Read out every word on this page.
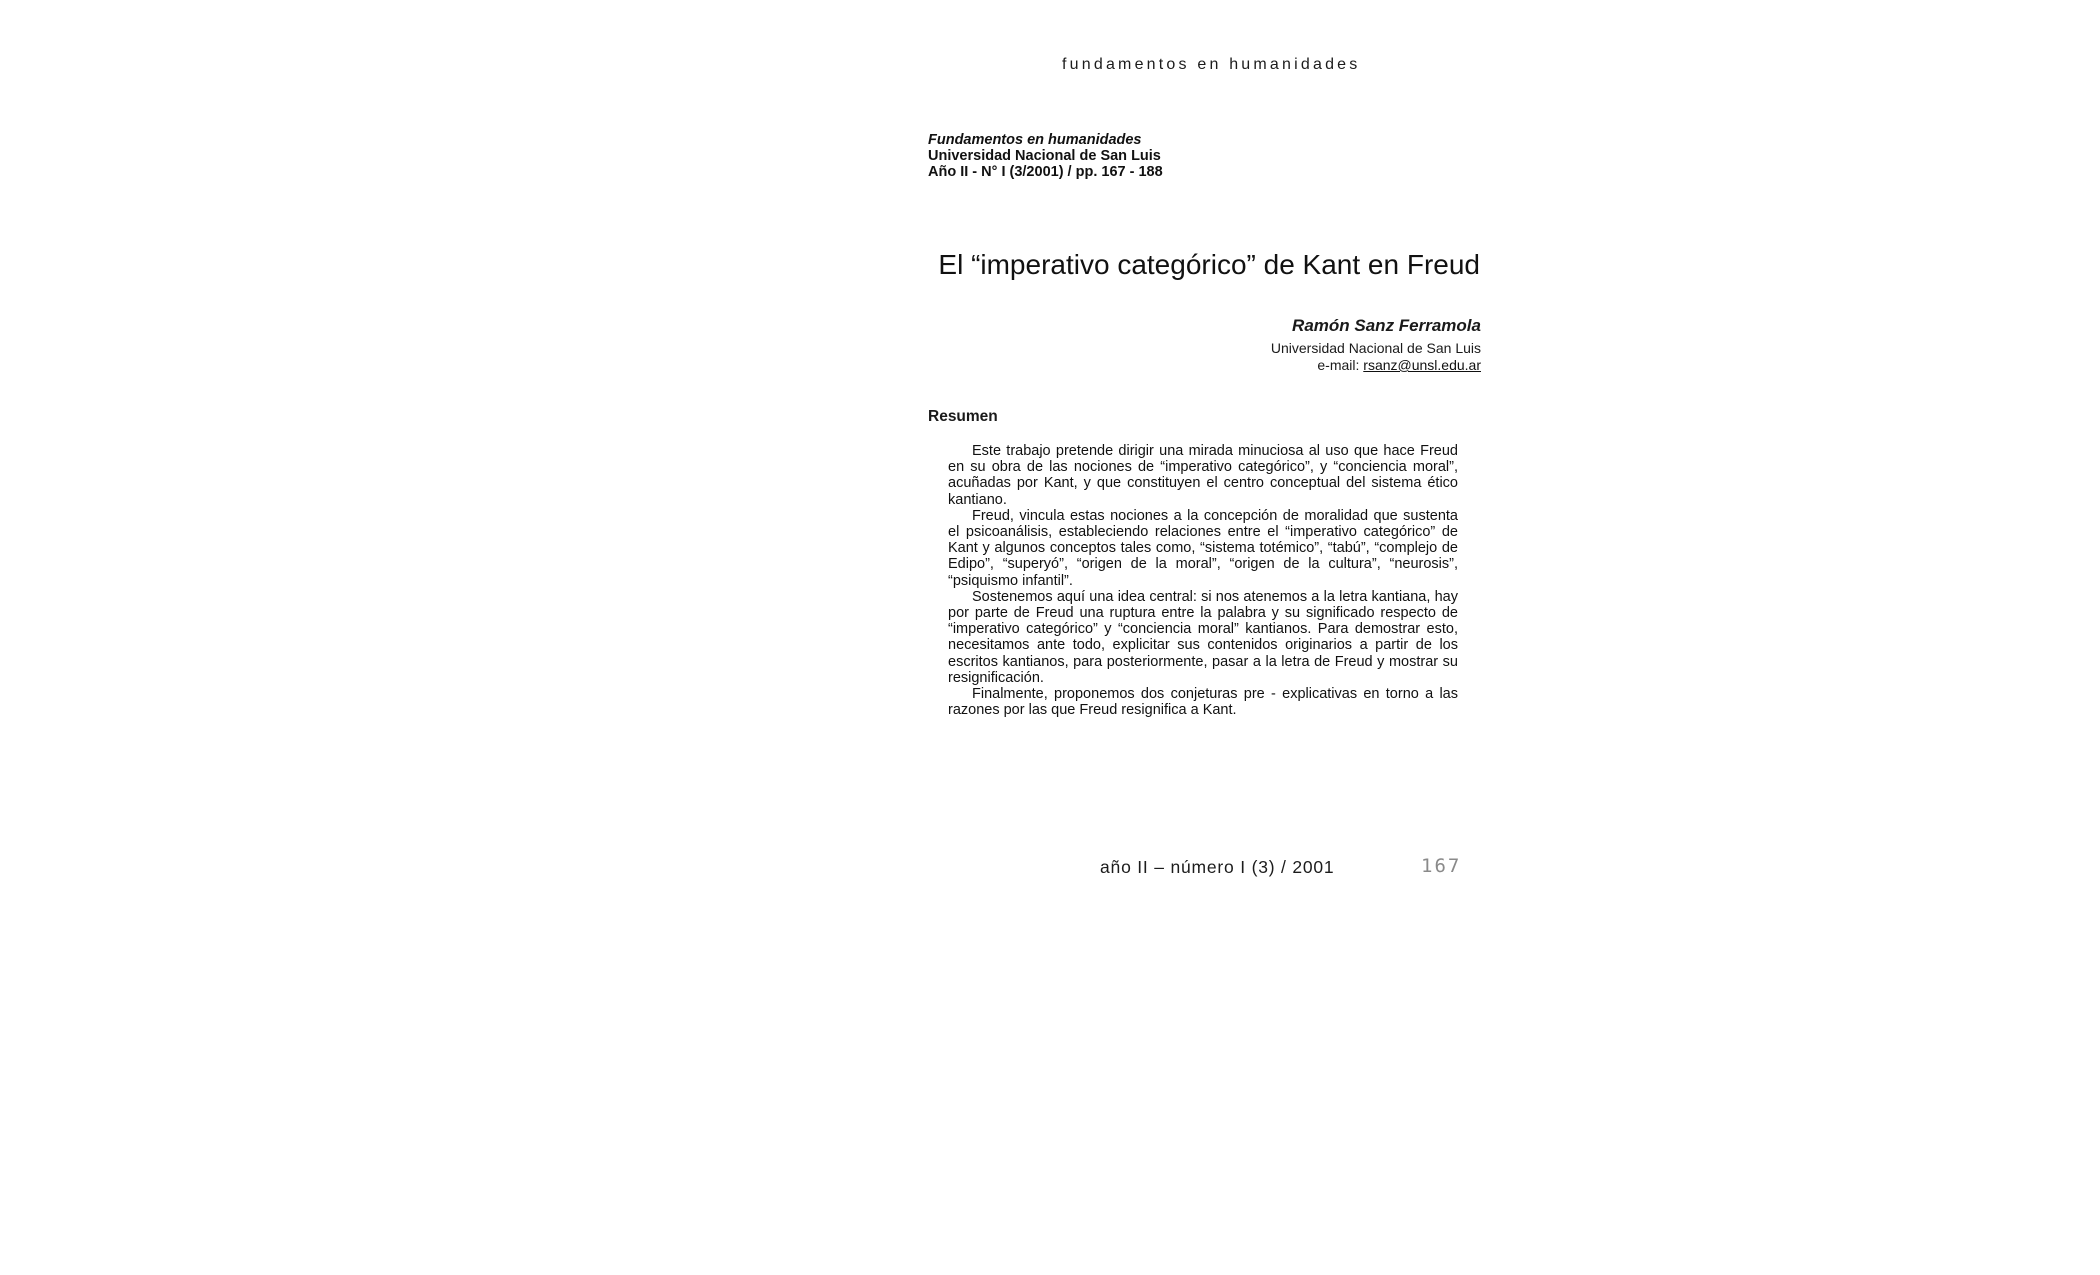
fundamentos en humanidades
Fundamentos en humanidades
Universidad Nacional de San Luis
Año II - N° I (3/2001) / pp. 167 - 188
El “imperativo categórico” de Kant en Freud
Ramón Sanz Ferramola
Universidad Nacional de San Luis
e-mail: rsanz@unsl.edu.ar
Resumen

Este trabajo pretende dirigir una mirada minuciosa al uso que hace Freud en su obra de las nociones de “imperativo categórico”, y “conciencia moral”, acuñadas por Kant, y que constituyen el centro conceptual del sistema ético kantiano.

Freud, vincula estas nociones a la concepción de moralidad que sustenta el psicoanálisis, estableciendo relaciones entre el “imperativo categórico” de Kant y algunos conceptos tales como, “sistema totémico”, “tabú”, “complejo de Edipo”, “superyó”, “origen de la moral”, “origen de la cultura”, “neurosis”, “psiquismo infantil”.

Sostenemos aquí una idea central: si nos atenemos a la letra kantiana, hay por parte de Freud una ruptura entre la palabra y su significado respecto de “imperativo categórico” y “conciencia moral” kantianos. Para demostrar esto, necesitamos ante todo, explicitar sus contenidos originarios a partir de los escritos kantianos, para posteriormente, pasar a la letra de Freud y mostrar su resignificación.

Finalmente, proponemos dos conjeturas pre - explicativas en torno a las razones por las que Freud resignifica a Kant.

año II – número I (3) / 2001	167
